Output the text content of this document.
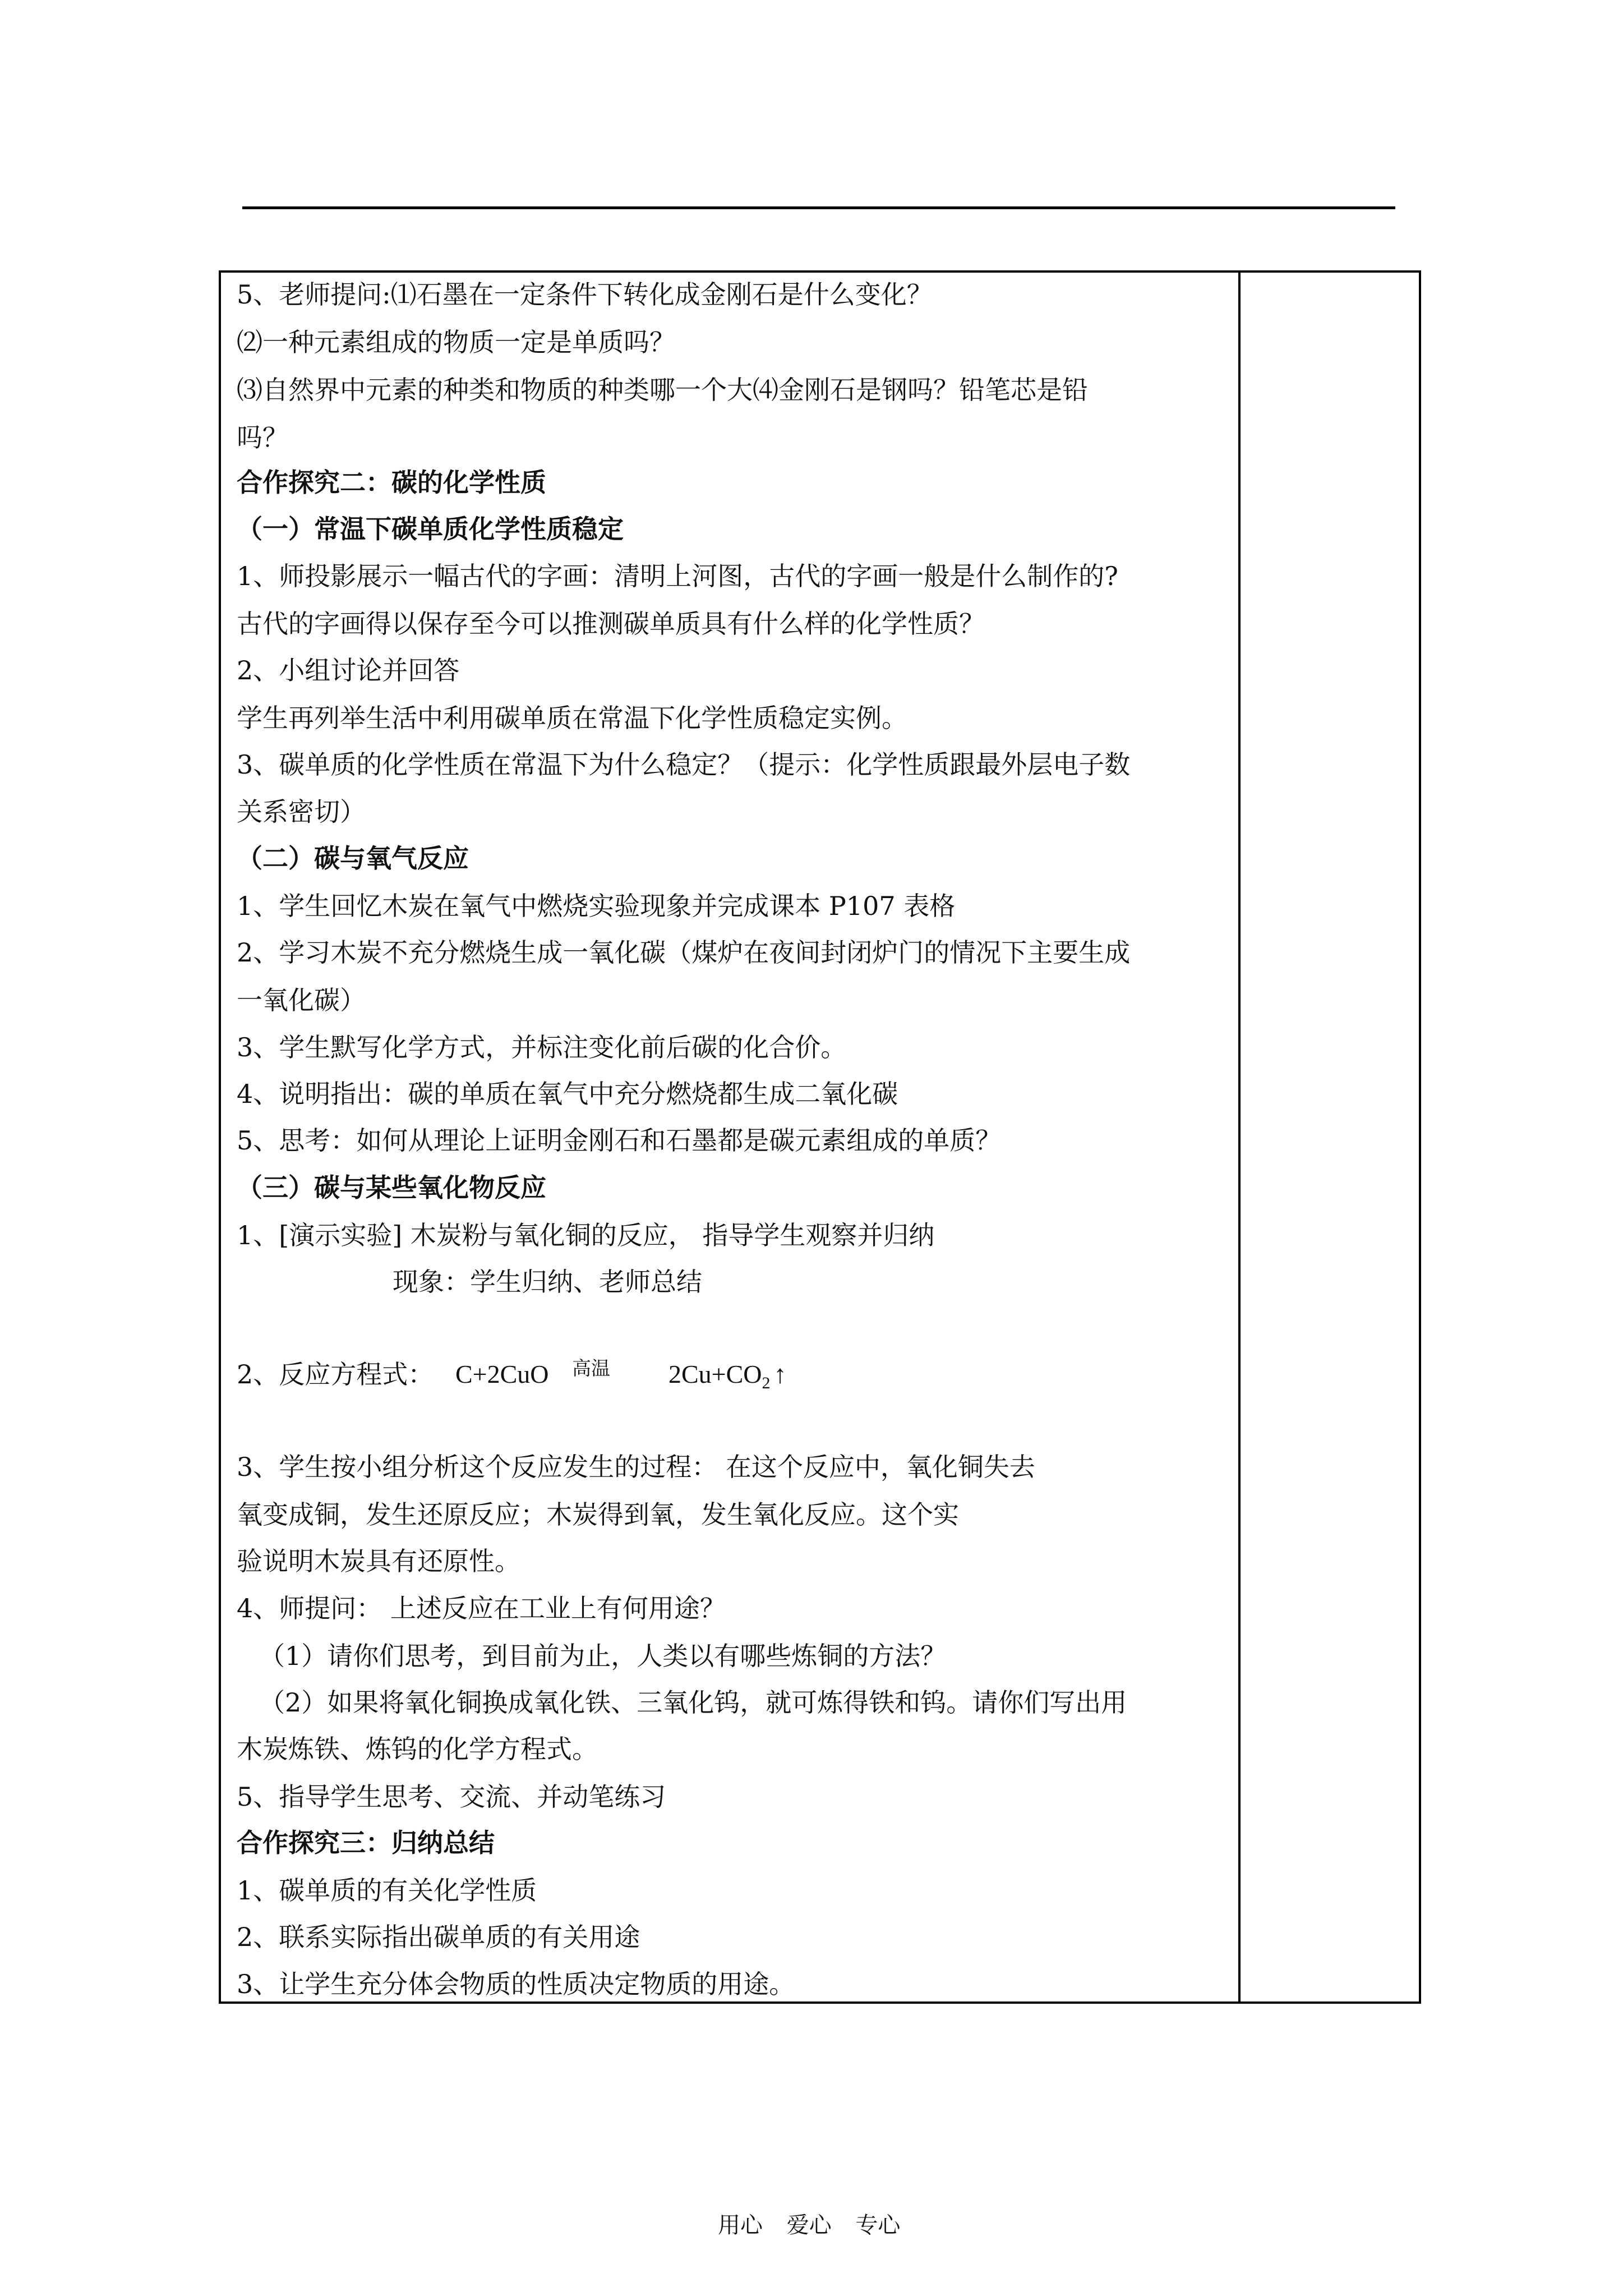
5、老师提问:⑴石墨在一定条件下转化成金刚石是什么变化？
⑵一种元素组成的物质一定是单质吗？
⑶自然界中元素的种类和物质的种类哪一个大⑷金刚石是钢吗？铅笔芯是铅
吗？
合作探究二：碳的化学性质
（一）常温下碳单质化学性质稳定
1、师投影展示一幅古代的字画：清明上河图，古代的字画一般是什么制作的?
古代的字画得以保存至今可以推测碳单质具有什么样的化学性质？
2、小组讨论并回答
学生再列举生活中利用碳单质在常温下化学性质稳定实例。
3、碳单质的化学性质在常温下为什么稳定？（提示：化学性质跟最外层电子数
关系密切）
（二）碳与氧气反应
1、学生回忆木炭在氧气中燃烧实验现象并完成课本 P107 表格
2、学习木炭不充分燃烧生成一氧化碳（煤炉在夜间封闭炉门的情况下主要生成
一氧化碳）
3、学生默写化学方式，并标注变化前后碳的化合价。
4、说明指出：碳的单质在氧气中充分燃烧都生成二氧化碳
5、思考：如何从理论上证明金刚石和石墨都是碳元素组成的单质？
（三）碳与某些氧化物反应
1、[演示实验] 木炭粉与氧化铜的反应， 指导学生观察并归纳
现象：学生归纳、老师总结
2、反应方程式： C+2CuO 高温 $2Cu+CO_2$ ↑
3、学生按小组分析这个反应发生的过程： 在这个反应中，氧化铜失去
氧变成铜，发生还原反应；木炭得到氧，发生氧化反应。这个实
验说明木炭具有还原性。
4、师提问： 上述反应在工业上有何用途？
（1）请你们思考，到目前为止，人类以有哪些炼铜的方法？
（2）如果将氧化铜换成氧化铁、三氧化钨，就可炼得铁和钨。请你们写出用
木炭炼铁、炼钨的化学方程式。
5、指导学生思考、交流、并动笔练习
合作探究三：归纳总结
1、碳单质的有关化学性质
2、联系实际指出碳单质的有关用途
3、让学生充分体会物质的性质决定物质的用途。
用心 爱心 专心
